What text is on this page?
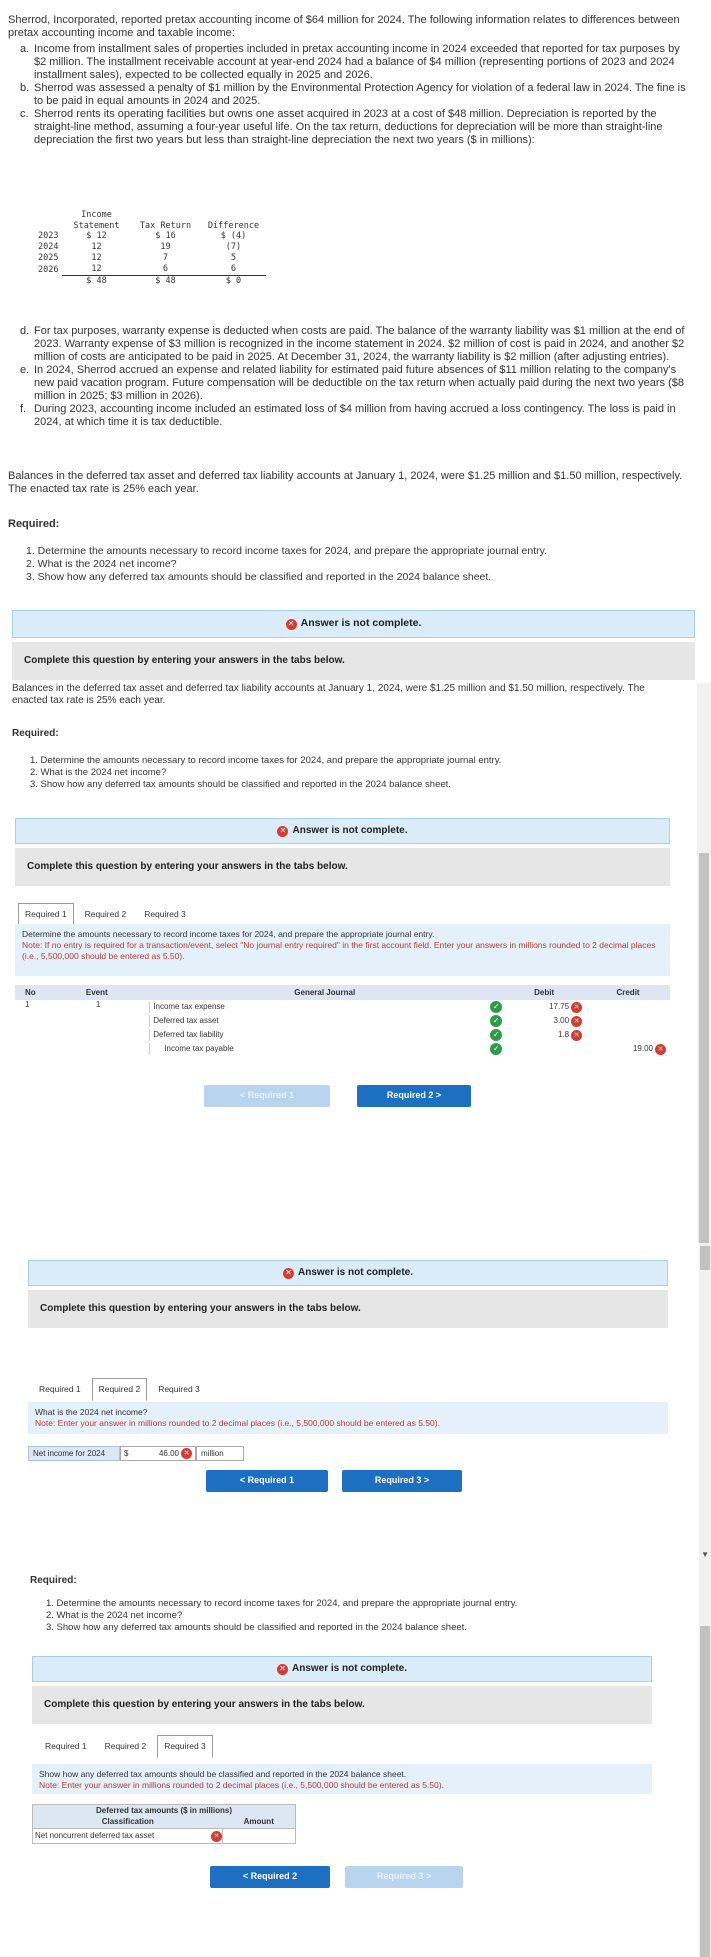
Sherrod, Incorporated, reported pretax accounting income of $64 million for 2024. The following information relates to differences between pretax accounting income and taxable income:
a. Income from installment sales of properties included in pretax accounting income in 2024 exceeded that reported for tax purposes by $2 million. The installment receivable account at year-end 2024 had a balance of $4 million (representing portions of 2023 and 2024 installment sales), expected to be collected equally in 2025 and 2026.
b. Sherrod was assessed a penalty of $1 million by the Environmental Protection Agency for violation of a federal law in 2024. The fine is to be paid in equal amounts in 2024 and 2025.
c. Sherrod rents its operating facilities but owns one asset acquired in 2023 at a cost of $48 million. Depreciation is reported by the straight-line method, assuming a four-year useful life. On the tax return, deductions for depreciation will be more than straight-line depreciation the first two years but less than straight-line depreciation the next two years ($ in millions):
	Income
Statement	Tax Return	Difference
2023	$ 12	$ 16	$ (4)
2024	12	19	(7)
2025	12	7	5
2026	12	6	6
	$ 48	$ 48	$ 0
d. For tax purposes, warranty expense is deducted when costs are paid. The balance of the warranty liability was $1 million at the end of 2023. Warranty expense of $3 million is recognized in the income statement in 2024. $2 million of cost is paid in 2024, and another $2 million of costs are anticipated to be paid in 2025. At December 31, 2024, the warranty liability is $2 million (after adjusting entries).
e. In 2024, Sherrod accrued an expense and related liability for estimated paid future absences of $11 million relating to the company's new paid vacation program. Future compensation will be deductible on the tax return when actually paid during the next two years ($8 million in 2025; $3 million in 2026).
f. During 2023, accounting income included an estimated loss of $4 million from having accrued a loss contingency. The loss is paid in 2024, at which time it is tax deductible.
Balances in the deferred tax asset and deferred tax liability accounts at January 1, 2024, were $1.25 million and $1.50 million, respectively. The enacted tax rate is 25% each year.
Required:
1. Determine the amounts necessary to record income taxes for 2024, and prepare the appropriate journal entry.
2. What is the 2024 net income?
3. Show how any deferred tax amounts should be classified and reported in the 2024 balance sheet.
✕ Answer is not complete.
Complete this question by entering your answers in the tabs below.
Balances in the deferred tax asset and deferred tax liability accounts at January 1, 2024, were $1.25 million and $1.50 million, respectively. The enacted tax rate is 25% each year.
Required:
1. Determine the amounts necessary to record income taxes for 2024, and prepare the appropriate journal entry.
2. What is the 2024 net income?
3. Show how any deferred tax amounts should be classified and reported in the 2024 balance sheet.
✕ Answer is not complete.
Complete this question by entering your answers in the tabs below.
Required 1	Required 2	Required 3
Determine the amounts necessary to record income taxes for 2024, and prepare the appropriate journal entry.
Note: If no entry is required for a transaction/event, select "No journal entry required" in the first account field. Enter your answers in millions rounded to 2 decimal places (i.e., 5,500,000 should be entered as 5.50).
No	Event	General Journal	Debit	Credit
1	1	Income tax expense ✓	17.75 ✕	

		Deferred tax asset ✓	3.00 ✕	

		Deferred tax liability ✓	1.8 ✕	

		Income tax payable ✓		19.00 ✕
< Required 1	Required 2 >
✕ Answer is not complete.
Complete this question by entering your answers in the tabs below.
Required 1	Required 2	Required 3
What is the 2024 net income?
Note: Enter your answer in millions rounded to 2 decimal places (i.e., 5,500,000 should be entered as 5.50).
Net income for 2024	$	46.00 ✕	million
< Required 1	Required 3 >
Required:
1. Determine the amounts necessary to record income taxes for 2024, and prepare the appropriate journal entry.
2. What is the 2024 net income?
3. Show how any deferred tax amounts should be classified and reported in the 2024 balance sheet.
✕ Answer is not complete.
Complete this question by entering your answers in the tabs below.
Required 1	Required 2	Required 3
Show how any deferred tax amounts should be classified and reported in the 2024 balance sheet.
Note: Enter your answer in millions rounded to 2 decimal places (i.e., 5,500,000 should be entered as 5.50).
Deferred tax amounts ($ in millions)	
Classification	Amount

Net noncurrent deferred tax asset ✕	

< Required 2	Required 3 >
▼
